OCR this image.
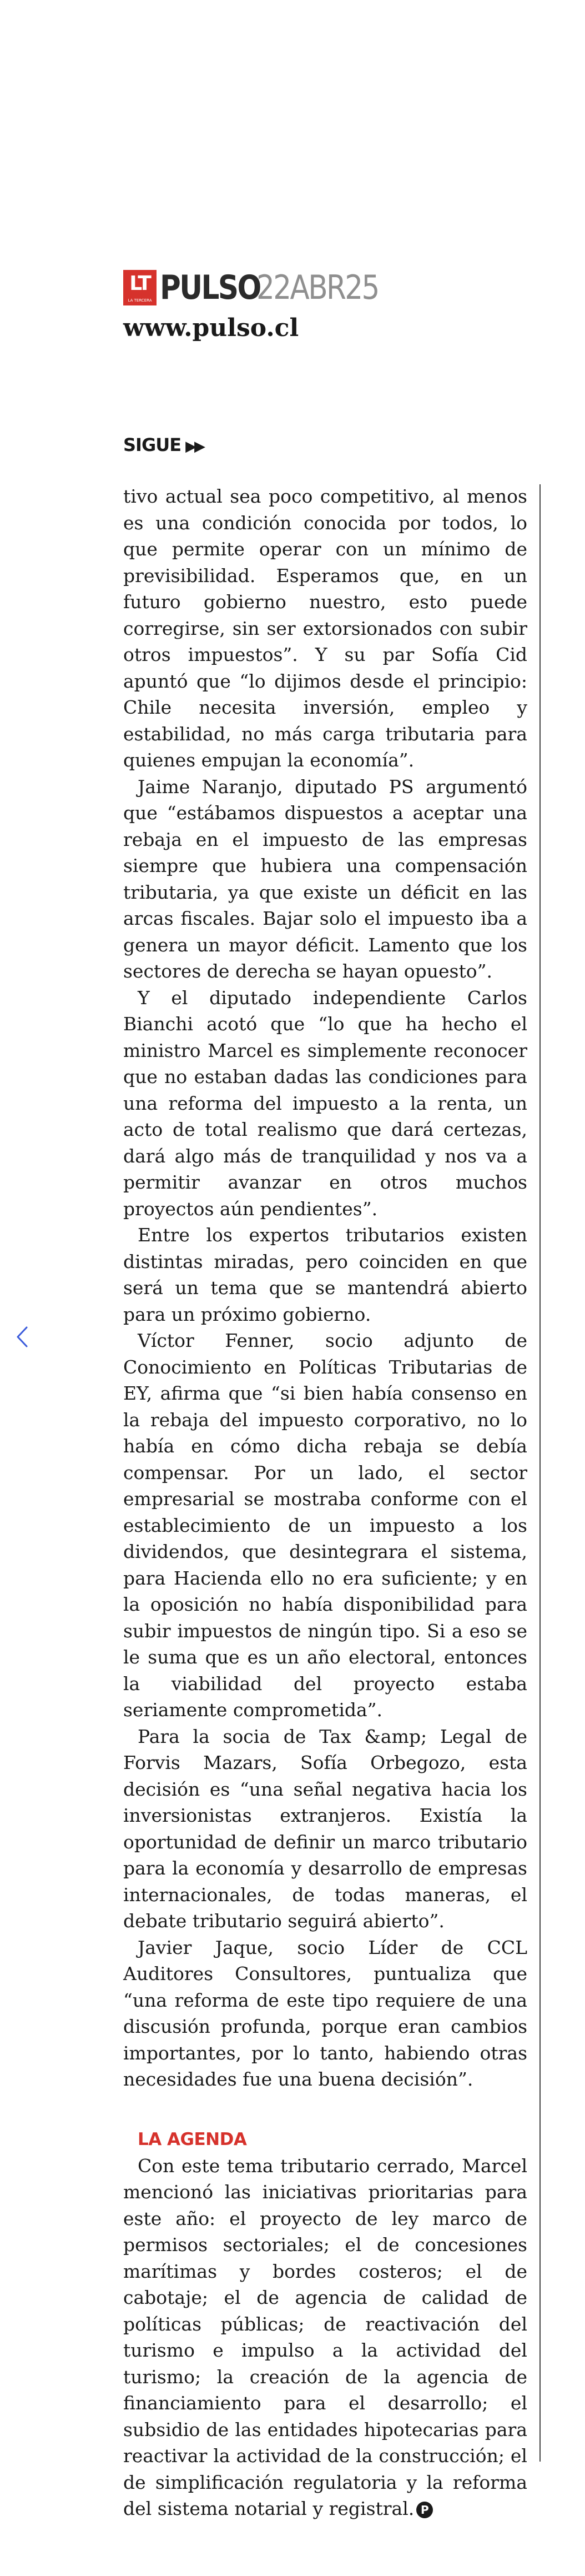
LT
LA TERCERA PULSO
22ABR25
www.pulso.cl
SIGUE ▶▶

tivo actual sea poco competitivo, al menos es una condición conocida por todos, lo que permite operar con un mínimo de previsibilidad. Esperamos que, en un futuro gobierno nuestro, esto puede corregirse, sin ser extorsionados con subir otros impuestos”. Y su par Sofía Cid apuntó que “lo dijimos desde el principio: Chile necesita inversión, empleo y estabilidad, no más carga tributaria para quienes empujan la economía”.

Jaime Naranjo, diputado PS argumentó que “estábamos dispuestos a aceptar una rebaja en el impuesto de las empresas siempre que hubiera una compensación tributaria, ya que existe un déficit en las arcas fiscales. Bajar solo el impuesto iba a genera un mayor déficit. Lamento que los sectores de derecha se hayan opuesto”.

Y el diputado independiente Carlos Bianchi acotó que “lo que ha hecho el ministro Marcel es simplemente reconocer que no estaban dadas las condiciones para una reforma del impuesto a la renta, un acto de total realismo que dará certezas, dará algo más de tranquilidad y nos va a permitir avanzar en otros muchos proyectos aún pendientes”.

Entre los expertos tributarios existen distintas miradas, pero coinciden en que será un tema que se mantendrá abierto para un próximo gobierno.

Víctor Fenner, socio adjunto de Conocimiento en Políticas Tributarias de EY, afirma que “si bien había consenso en la rebaja del impuesto corporativo, no lo había en cómo dicha rebaja se debía compensar. Por un lado, el sector empresarial se mostraba conforme con el establecimiento de un impuesto a los dividendos, que desintegrara el sistema, para Hacienda ello no era suficiente; y en la oposición no había disponibilidad para subir impuestos de ningún tipo. Si a eso se le suma que es un año electoral, entonces la viabilidad del proyecto estaba seriamente comprometida”.

Para la socia de Tax &amp; Legal de Forvis Mazars, Sofía Orbegozo, esta decisión es “una señal negativa hacia los inversionistas extranjeros. Existía la oportunidad de definir un marco tributario para la economía y desarrollo de empresas internacionales, de todas maneras, el debate tributario seguirá abierto”.

Javier Jaque, socio Líder de CCL Auditores Consultores, puntualiza que “una reforma de este tipo requiere de una discusión profunda, porque eran cambios importantes, por lo tanto, habiendo otras necesidades fue una buena decisión”.

LA AGENDA

Con este tema tributario cerrado, Marcel mencionó las iniciativas prioritarias para este año: el proyecto de ley marco de permisos sectoriales; el de concesiones marítimas y bordes costeros; el de cabotaje; el de agencia de calidad de políticas públicas; de reactivación del turismo e impulso a la actividad del turismo; la creación de la agencia de financiamiento para el desarrollo; el subsidio de las entidades hipotecarias para reactivar la actividad de la construcción; el de simplificación regulatoria y la reforma del sistema notarial y registral. P
